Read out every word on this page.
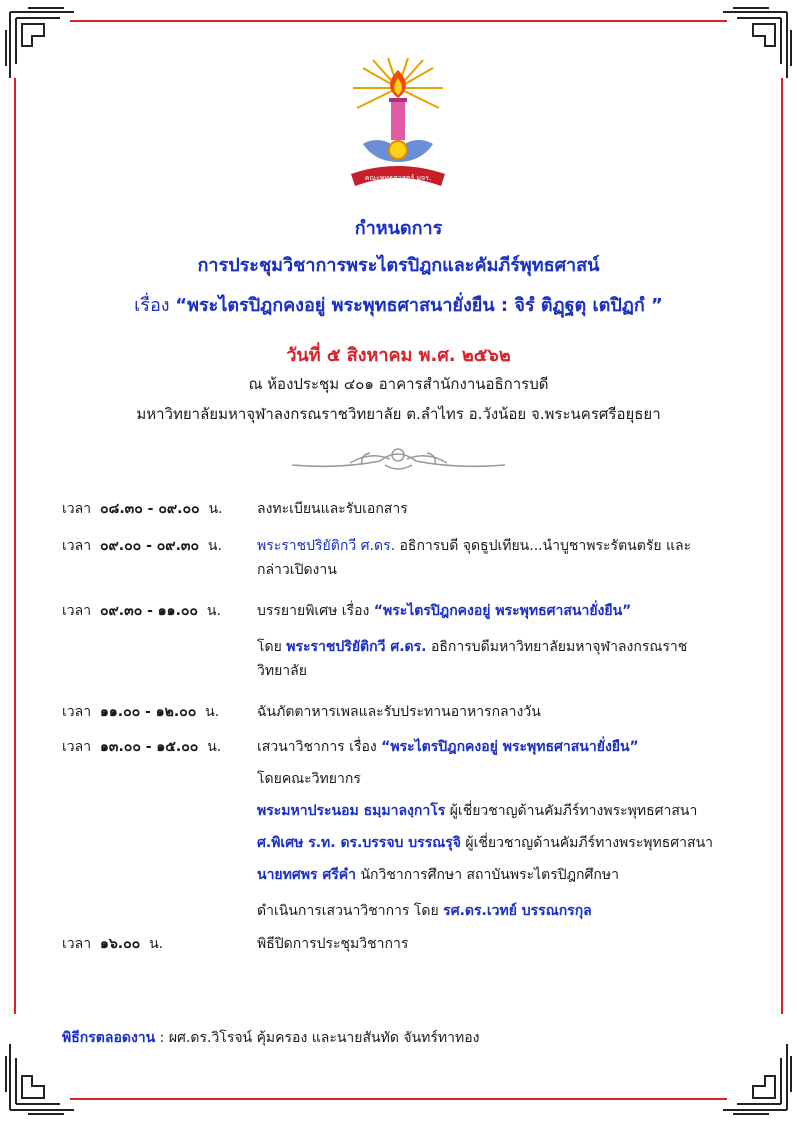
คณะพุทธศาสตร์ มจร.
กำหนดการ
การประชุมวิชาการพระไตรปิฎกและคัมภีร์พุทธศาสน์
เรื่อง “พระไตรปิฎกคงอยู่ พระพุทธศาสนายั่งยืน : จิรํ ติฏฺฐตุ เตปิฏกํ ”
วันที่ ๕ สิงหาคม พ.ศ. ๒๕๖๒
ณ ห้องประชุม ๔๐๑ อาคารสำนักงานอธิการบดี
มหาวิทยาลัยมหาจุฬาลงกรณราชวิทยาลัย ต.ลำไทร อ.วังน้อย จ.พระนครศรีอยุธยา
เวลา ๐๘.๓๐ - ๐๙.๐๐ น. ลงทะเบียนและรับเอกสาร
เวลา ๐๙.๐๐ - ๐๙.๓๐ น.	พระราชปริยัติกวี ศ.ดร. อธิการบดี จุดธูปเทียน...นำบูชาพระรัตนตรัย และ
กล่าวเปิดงาน
เวลา ๐๙.๓๐ - ๑๑.๐๐ น.	บรรยายพิเศษ เรื่อง “พระไตรปิฎกคงอยู่ พระพุทธศาสนายั่งยืน”
โดย พระราชปริยัติกวี ศ.ดร. อธิการบดีมหาวิทยาลัยมหาจุฬาลงกรณราช
วิทยาลัย
เวลา ๑๑.๐๐ - ๑๒.๐๐ น.	ฉันภัตตาหารเพลและรับประทานอาหารกลางวัน
เวลา ๑๓.๐๐ - ๑๕.๐๐ น.	เสวนาวิชาการ เรื่อง “พระไตรปิฎกคงอยู่ พระพุทธศาสนายั่งยืน”
โดยคณะวิทยากร
พระมหาประนอม ธมฺมาลงฺกาโร ผู้เชี่ยวชาญด้านคัมภีร์ทางพระพุทธศาสนา
ศ.พิเศษ ร.ท. ดร.บรรจบ บรรณรุจิ ผู้เชี่ยวชาญด้านคัมภีร์ทางพระพุทธศาสนา
นายทศพร ศรีคำ นักวิชาการศึกษา สถาบันพระไตรปิฎกศึกษา
ดำเนินการเสวนาวิชาการ โดย รศ.ดร.เวทย์ บรรณกรกุล
เวลา ๑๖.๐๐ น.	พิธีปิดการประชุมวิชาการ
พิธีกรตลอดงาน : ผศ.ดร.วิโรจน์ คุ้มครอง และนายสันทัด จันทร์ทาทอง
